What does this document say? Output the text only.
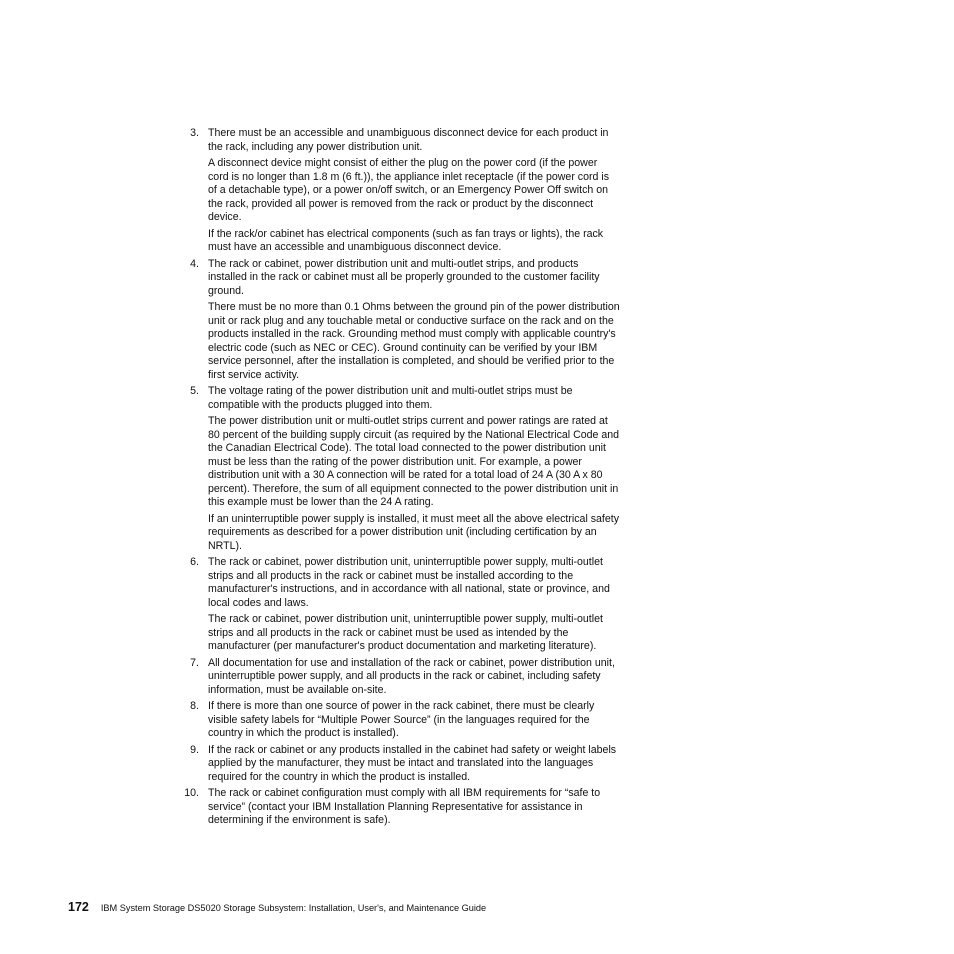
3. There must be an accessible and unambiguous disconnect device for each product in the rack, including any power distribution unit.

A disconnect device might consist of either the plug on the power cord (if the power cord is no longer than 1.8 m (6 ft.)), the appliance inlet receptacle (if the power cord is of a detachable type), or a power on/off switch, or an Emergency Power Off switch on the rack, provided all power is removed from the rack or product by the disconnect device.

If the rack/or cabinet has electrical components (such as fan trays or lights), the rack must have an accessible and unambiguous disconnect device.

4. The rack or cabinet, power distribution unit and multi-outlet strips, and products installed in the rack or cabinet must all be properly grounded to the customer facility ground.

There must be no more than 0.1 Ohms between the ground pin of the power distribution unit or rack plug and any touchable metal or conductive surface on the rack and on the products installed in the rack. Grounding method must comply with applicable country's electric code (such as NEC or CEC). Ground continuity can be verified by your IBM service personnel, after the installation is completed, and should be verified prior to the first service activity.

5. The voltage rating of the power distribution unit and multi-outlet strips must be compatible with the products plugged into them.

The power distribution unit or multi-outlet strips current and power ratings are rated at 80 percent of the building supply circuit (as required by the National Electrical Code and the Canadian Electrical Code). The total load connected to the power distribution unit must be less than the rating of the power distribution unit. For example, a power distribution unit with a 30 A connection will be rated for a total load of 24 A (30 A x 80 percent). Therefore, the sum of all equipment connected to the power distribution unit in this example must be lower than the 24 A rating.

If an uninterruptible power supply is installed, it must meet all the above electrical safety requirements as described for a power distribution unit (including certification by an NRTL).

6. The rack or cabinet, power distribution unit, uninterruptible power supply, multi-outlet strips and all products in the rack or cabinet must be installed according to the manufacturer's instructions, and in accordance with all national, state or province, and local codes and laws.

The rack or cabinet, power distribution unit, uninterruptible power supply, multi-outlet strips and all products in the rack or cabinet must be used as intended by the manufacturer (per manufacturer's product documentation and marketing literature).

7. All documentation for use and installation of the rack or cabinet, power distribution unit, uninterruptible power supply, and all products in the rack or cabinet, including safety information, must be available on-site.

8. If there is more than one source of power in the rack cabinet, there must be clearly visible safety labels for “Multiple Power Source” (in the languages required for the country in which the product is installed).

9. If the rack or cabinet or any products installed in the cabinet had safety or weight labels applied by the manufacturer, they must be intact and translated into the languages required for the country in which the product is installed.

10. The rack or cabinet configuration must comply with all IBM requirements for “safe to service” (contact your IBM Installation Planning Representative for assistance in determining if the environment is safe).

172 IBM System Storage DS5020 Storage Subsystem: Installation, User's, and Maintenance Guide
